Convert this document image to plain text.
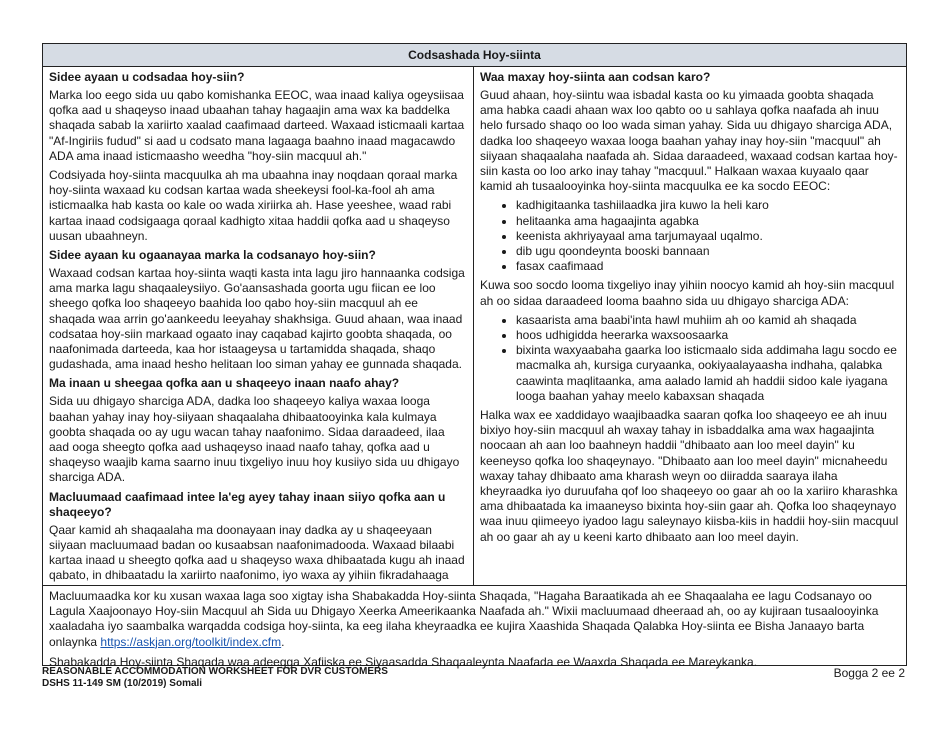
Codsashada Hoy-siinta
Sidee ayaan u codsadaa hoy-siin?

Marka loo eego sida uu qabo komishanka EEOC, waa inaad kaliya ogeysiisaa qofka aad u shaqeyso inaad ubaahan tahay hagaajin ama wax ka baddelka shaqada sabab la xariirto xaalad caafimaad darteed. Waxaad isticmaali kartaa "Af-Ingiriis fudud" si aad u codsato mana lagaaga baahno inaad magacawdo ADA ama inaad isticmaasho weedha "hoy-siin macquul ah."

Codsiyada hoy-siinta macquulka ah ma ubaahna inay noqdaan qoraal marka hoy-siinta waxaad ku codsan kartaa wada sheekeysi fool-ka-fool ah ama isticmaalka hab kasta oo kale oo wada xiriirka ah. Hase yeeshee, waad rabi kartaa inaad codsigaaga qoraal kadhigto xitaa haddii qofka aad u shaqeyso uusan ubaahneyn.

Sidee ayaan ku ogaanayaa marka la codsanayo hoy-siin?

Waxaad codsan kartaa hoy-siinta waqti kasta inta lagu jiro hannaanka codsiga ama marka lagu shaqaaleysiiyo. Go'aansashada goorta ugu fiican ee loo sheego qofka loo shaqeeyo baahida loo qabo hoy-siin macquul ah ee shaqada waa arrin go'aankeedu leeyahay shakhsiga. Guud ahaan, waa inaad codsataa hoy-siin markaad ogaato inay caqabad kajirto goobta shaqada, oo naafonimada darteeda, kaa hor istaageysa u tartamidda shaqada, shaqo gudashada, ama inaad hesho helitaan loo siman yahay ee gunnada shaqada.

Ma inaan u sheegaa qofka aan u shaqeeyo inaan naafo ahay?

Sida uu dhigayo sharciga ADA, dadka loo shaqeeyo kaliya waxaa looga baahan yahay inay hoy-siiyaan shaqaalaha dhibaatooyinka kala kulmaya goobta shaqada oo ay ugu wacan tahay naafonimo. Sidaa daraadeed, ilaa aad ooga sheegto qofka aad ushaqeyso inaad naafo tahay, qofka aad u shaqeyso waajib kama saarno inuu tixgeliyo inuu hoy kusiiyo sida uu dhigayo sharciga ADA.

Macluumaad caafimaad intee la'eg ayey tahay inaan siiyo qofka aan u shaqeeyo?

Qaar kamid ah shaqaalaha ma doonayaan inay dadka ay u shaqeeyaan siiyaan macluumaad badan oo kusaabsan naafonimadooda. Waxaad bilaabi kartaa inaad u sheegto qofka aad u shaqeyso waxa dhibaatada kugu ah inaad qabato, in dhibaatadu la xariirto naafonimo, iyo waxa ay yihiin fikradahaaga

Waa maxay hoy-siinta aan codsan karo?

Guud ahaan, hoy-siintu waa isbadal kasta oo ku yimaada goobta shaqada ama habka caadi ahaan wax loo qabto oo u sahlaya qofka naafada ah inuu helo fursado shaqo oo loo wada siman yahay. Sida uu dhigayo sharciga ADA, dadka loo shaqeeyo waxaa looga baahan yahay inay hoy-siin "macquul" ah siiyaan shaqaalaha naafada ah. Sidaa daraadeed, waxaad codsan kartaa hoy-siin kasta oo loo arko inay tahay "macquul." Halkaan waxaa kuyaalo qaar kamid ah tusaalooyinka hoy-siinta macquulka ee ka socdo EEOC:

• kadhigitaanka tashiilaadka jira kuwo la heli karo
• helitaanka ama hagaajinta agabka
• keenista akhriyayaal ama tarjumayaal uqalmo.
• dib ugu qoondeynta booski bannaan
• fasax caafimaad

Kuwa soo socdo looma tixgeliyo inay yihiin noocyo kamid ah hoy-siin macquul ah oo sidaa daraadeed looma baahno sida uu dhigayo sharciga ADA:

• kasaarista ama baabi'inta hawl muhiim ah oo kamid ah shaqada
• hoos udhigidda heerarka waxsoosaarka
• bixinta waxyaabaha gaarka loo isticmaalo sida addimaha lagu socdo ee macmalka ah, kursiga curyaanka, ookiyaalayaasha indhaha, qalabka caawinta maqlitaanka, ama aalado lamid ah haddii sidoo kale iyagana looga baahan yahay meelo kabaxsan shaqada

Halka wax ee xaddidayo waajibaadka saaran qofka loo shaqeeyo ee ah inuu bixiyo hoy-siin macquul ah waxay tahay in isbaddalka ama wax hagaajinta noocaan ah aan loo baahneyn haddii "dhibaato aan loo meel dayin" ku keeneyso qofka loo shaqeynayo. "Dhibaato aan loo meel dayin" micnaheedu waxay tahay dhibaato ama kharash weyn oo diiradda saaraya ilaha kheyraadka iyo duruufaha qof loo shaqeeyo oo gaar ah oo la xariiro kharashka ama dhibaatada ka imaaneyso bixinta hoy-siin gaar ah. Qofka loo shaqeynayo waa inuu qiimeeyo iyadoo lagu saleynayo kiisba-kiis in haddii hoy-siin macquul ah oo gaar ah ay u keeni karto dhibaato aan loo meel dayin.

Macluumaadka kor ku xusan waxaa laga soo xigtay isha Shabakadda Hoy-siinta Shaqada, "Hagaha Baraatikada ah ee Shaqaalaha ee lagu Codsanayo oo Lagula Xaajoonayo Hoy-siin Macquul ah Sida uu Dhigayo Xeerka Ameerikaanka Naafada ah." Wixii macluumaad dheeraad ah, oo ay kujiraan tusaalooyinka xaaladaha iyo saambalka warqadda codsiga hoy-siinta, ka eeg ilaha kheyraadka ee kujira Xaashida Shaqada Qalabka Hoy-siinta ee Bisha Janaayo barta onlaynka https://askjan.org/toolkit/index.cfm.

Shabakadda Hoy-siinta Shaqada waa adeegga Xafiiska ee Siyaasadda Shaqaaleynta Naafada ee Waaxda Shaqada ee Mareykanka.

REASONABLE ACCOMMODATION WORKSHEET FOR DVR CUSTOMERS
DSHS 11-149 SM (10/2019) Somali
Bogga 2 ee 2
